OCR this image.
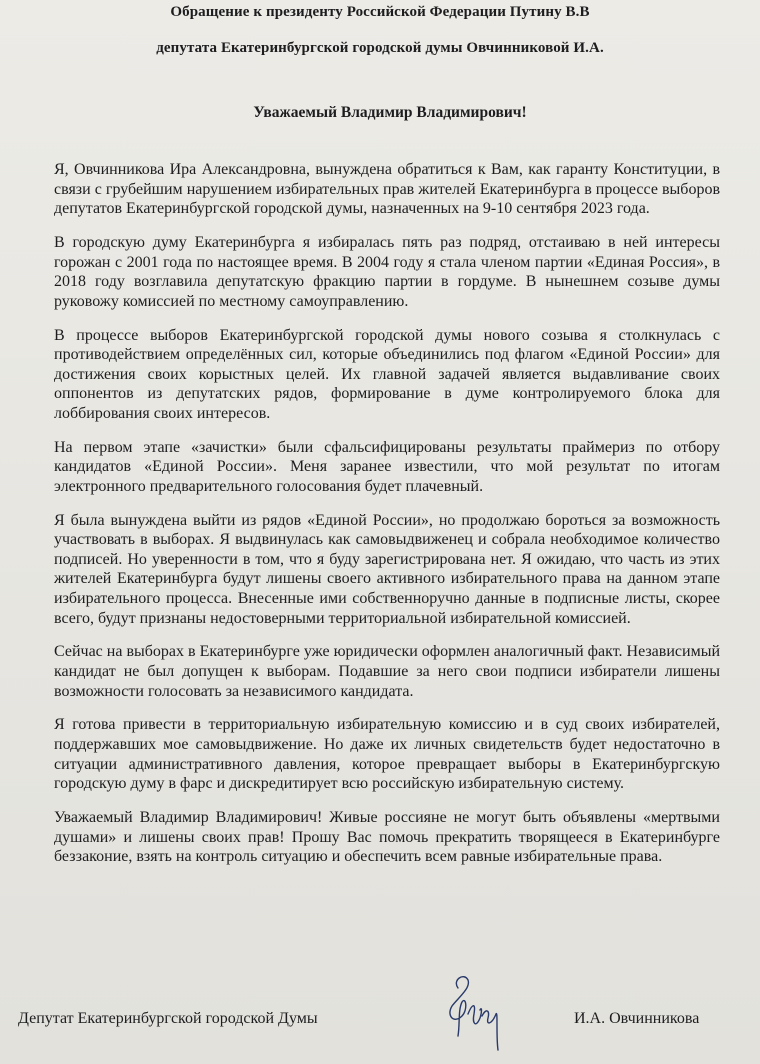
Обращение к президенту Российской Федерации Путину В.В
депутата Екатеринбургской городской думы Овчинниковой И.А.
Уважаемый Владимир Владимирович!

Я, Овчинникова Ира Александровна, вынуждена обратиться к Вам, как гаранту Конституции, в связи с грубейшим нарушением избирательных прав жителей Екатеринбурга в процессе выборов депутатов Екатеринбургской городской думы, назначенных на 9-10 сентября 2023 года.

В городскую думу Екатеринбурга я избиралась пять раз подряд, отстаиваю в ней интересы горожан с 2001 года по настоящее время. В 2004 году я стала членом партии «Единая Россия», в 2018 году возглавила депутатскую фракцию партии в гордуме. В нынешнем созыве думы руковожу комиссией по местному самоуправлению.

В процессе выборов Екатеринбургской городской думы нового созыва я столкнулась с противодействием определённых сил, которые объединились под флагом «Единой России» для достижения своих корыстных целей. Их главной задачей является выдавливание своих оппонентов из депутатских рядов, формирование в думе контролируемого блока для лоббирования своих интересов.

На первом этапе «зачистки» были сфальсифицированы результаты праймериз по отбору кандидатов «Единой России». Меня заранее известили, что мой результат по итогам электронного предварительного голосования будет плачевный.

Я была вынуждена выйти из рядов «Единой России», но продолжаю бороться за возможность участвовать в выборах. Я выдвинулась как самовыдвиженец и собрала необходимое количество подписей. Но уверенности в том, что я буду зарегистрирована нет. Я ожидаю, что часть из этих жителей Екатеринбурга будут лишены своего активного избирательного права на данном этапе избирательного процесса. Внесенные ими собственноручно данные в подписные листы, скорее всего, будут признаны недостоверными территориальной избирательной комиссией.

Сейчас на выборах в Екатеринбурге уже юридически оформлен аналогичный факт. Независимый кандидат не был допущен к выборам. Подавшие за него свои подписи избиратели лишены возможности голосовать за независимого кандидата.

Я готова привести в территориальную избирательную комиссию и в суд своих избирателей, поддержавших мое самовыдвижение. Но даже их личных свидетельств будет недостаточно в ситуации административного давления, которое превращает выборы в Екатеринбургскую городскую думу в фарс и дискредитирует всю российскую избирательную систему.

Уважаемый Владимир Владимирович! Живые россияне не могут быть объявлены «мертвыми душами» и лишены своих прав! Прошу Вас помочь прекратить творящееся в Екатеринбурге беззаконие, взять на контроль ситуацию и обеспечить всем равные избирательные права.

Депутат Екатеринбургской городской Думы	И.А. Овчинникова
